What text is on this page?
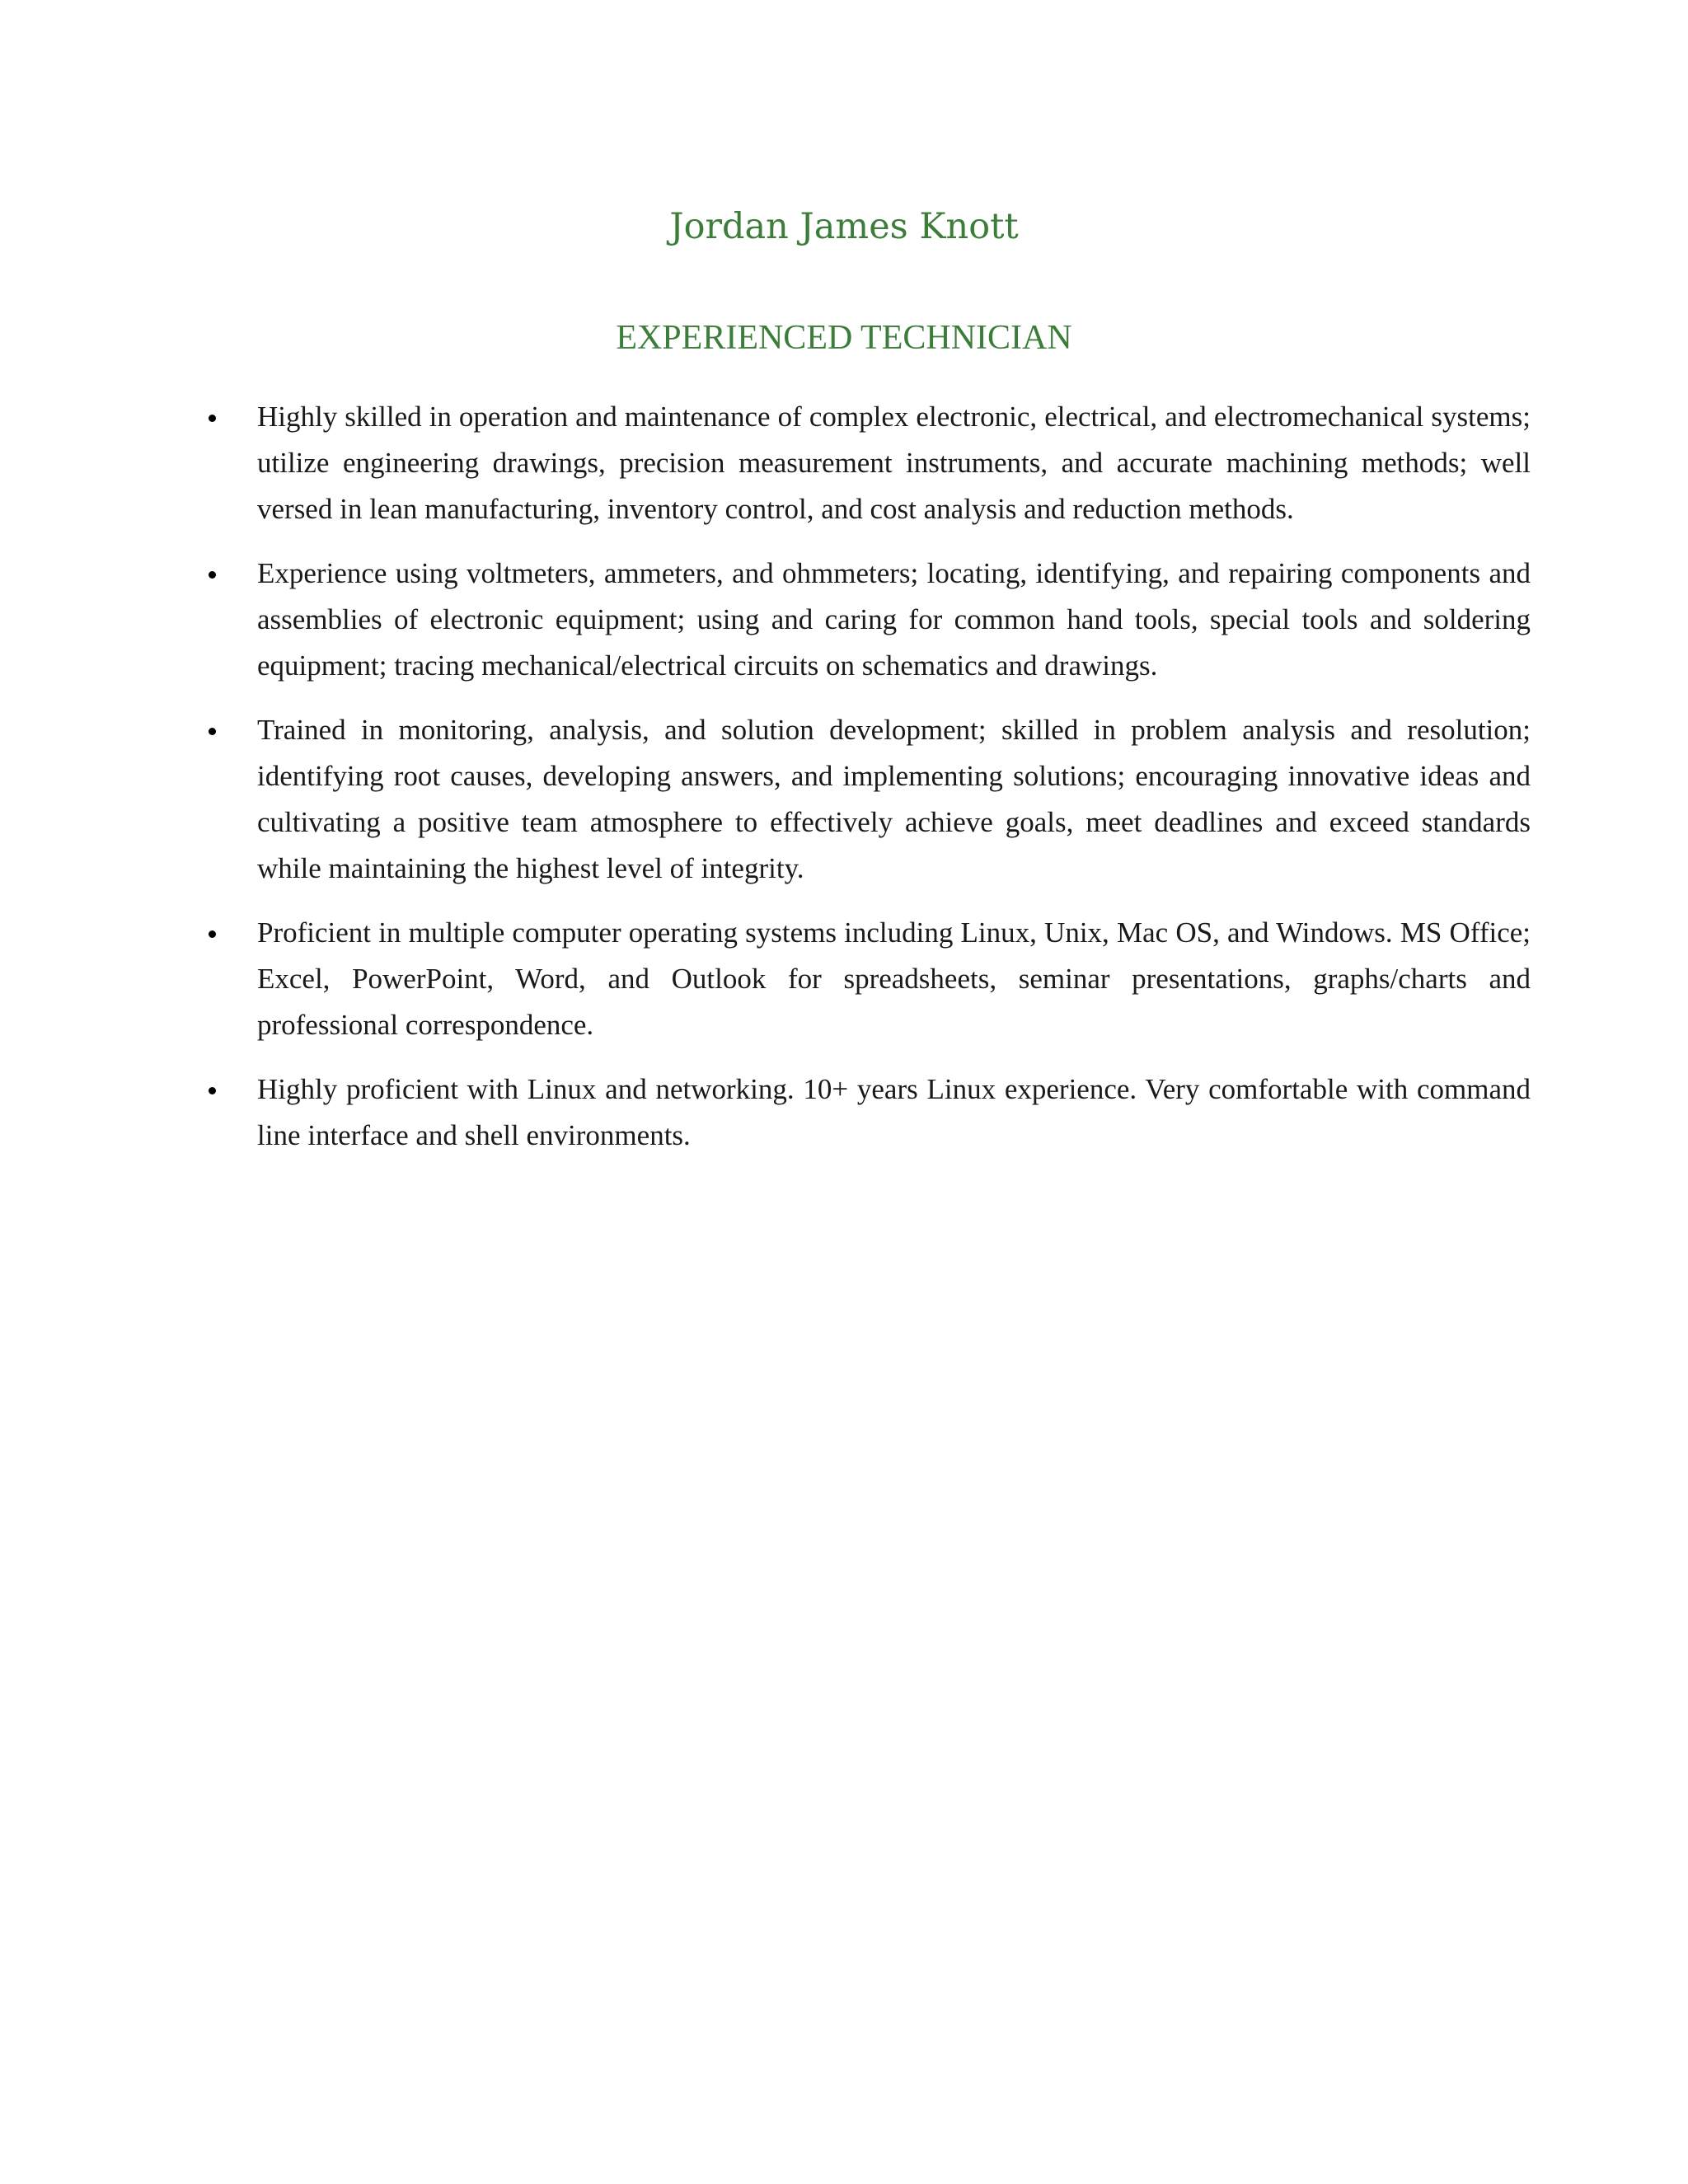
Jordan James Knott
EXPERIENCED TECHNICIAN
Highly skilled in operation and maintenance of complex electronic, electrical, and electromechanical systems; utilize engineering drawings, precision measurement instruments, and accurate machining methods; well versed in lean manufacturing, inventory control, and cost analysis and reduction methods.
Experience using voltmeters, ammeters, and ohmmeters; locating, identifying, and repairing components and assemblies of electronic equipment; using and caring for common hand tools, special tools and soldering equipment; tracing mechanical/electrical circuits on schematics and drawings.
Trained in monitoring, analysis, and solution development; skilled in problem analysis and resolution; identifying root causes, developing answers, and implementing solutions; encouraging innovative ideas and cultivating a positive team atmosphere to effectively achieve goals, meet deadlines and exceed standards while maintaining the highest level of integrity.
Proficient in multiple computer operating systems including Linux, Unix, Mac OS, and Windows. MS Office; Excel, PowerPoint, Word, and Outlook for spreadsheets, seminar presentations, graphs/charts and professional correspondence.
Highly proficient with Linux and networking. 10+ years Linux experience. Very comfortable with command line interface and shell environments.
